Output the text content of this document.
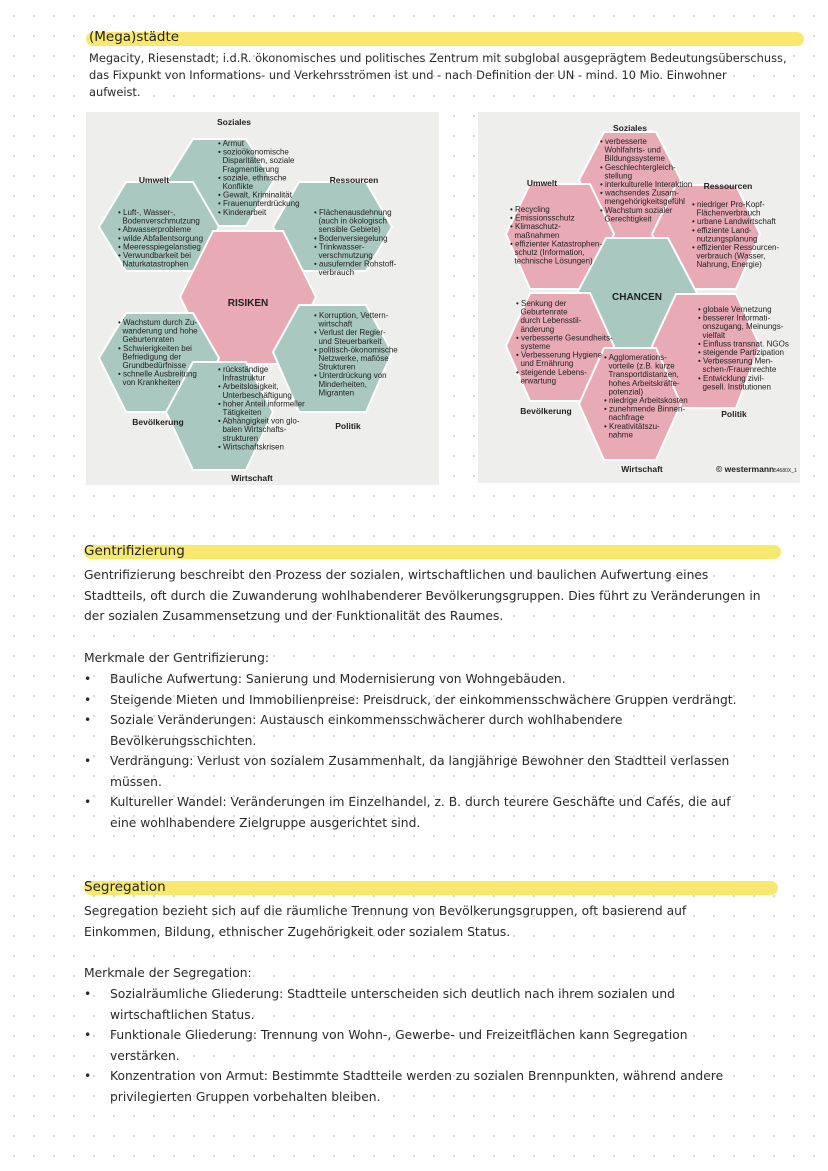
(Mega)städte
Megacity, Riesenstadt; i.d.R. ökonomisches und politisches Zentrum mit subglobal ausgeprägtem Bedeutungsüberschuss,
das Fixpunkt von Informations- und Verkehrsströmen ist und - nach Definition der UN - mind. 10 Mio. Einwohner
aufweist.
Soziales
Umwelt	Ressourcen
Bevölkerung	Politik
Wirtschaft
RISIKEN
• Armut
• sozioökonomische
Disparitäten, soziale
Fragmentierung
• soziale, ethnische
Konflikte
• Gewalt, Kriminalität
• Frauenunterdrückung
• Kinderarbeit
• Luft-, Wasser-,
Bodenverschmutzung
• Abwasserprobleme
• wilde Abfallentsorgung
• Meeresspiegelanstieg
• Verwundbarkeit bei
Naturkatastrophen
• Flächenausdehnung
(auch in ökologisch
sensible Gebiete)
• Bodenversiegelung
• Trinkwasser-
verschmutzung
• ausufernder Rohstoff-
verbrauch
• Wachstum durch Zu-
wanderung und hohe
Geburtenraten
• Schwierigkeiten bei
Befriedigung der
Grundbedürfnisse
• schnelle Ausbreitung
von Krankheiten
• Korruption, Vettern-
wirtschaft
• Verlust der Regier-
und Steuerbarkeit
• politisch-ökonomische
Netzwerke, mafiöse
Strukturen
• Unterdrückung von
Minderheiten,
Migranten
• rückständige
Infrastruktur
• Arbeitslosigkeit,
Unterbeschäftigung
• hoher Anteil informeller
Tätigkeiten
• Abhängigkeit von glo-
balen Wirtschafts-
strukturen
• Wirtschaftskrisen
Soziales
Umwelt	Ressourcen
Bevölkerung	Politik
Wirtschaft
CHANCEN
• verbesserte
Wohlfahrts- und
Bildungssysteme
• Geschlechtergleich-
stellung
• interkulturelle Interaktion
• wachsendes Zusam-
mengehörigkeitsgefühl
• Wachstum sozialer
Gerechtigkeit
• Recycling
• Emissionsschutz
• Klimaschutz-
maßnahmen
• effizienter Katastrophen-
schutz (Information,
technische Lösungen)
• niedriger Pro-Kopf-
Flächenverbrauch
• urbane Landwirtschaft
• effiziente Land-
nutzungsplanung
• effizienter Ressourcen-
verbrauch (Wasser,
Nahrung, Energie)
• Senkung der
Geburtenrate
durch Lebensstil-
änderung
• verbesserte Gesundheits-
systeme
• Verbesserung Hygiene
und Ernährung
• steigende Lebens-
erwartung
• globale Vernetzung
• besserer Informati-
onszugang, Meinungs-
vielfalt
• Einfluss transnat. NGOs
• steigende Partizipation
• Verbesserung Men-
schen-/Frauenrechte
• Entwicklung zivil-
gesell. Institutionen
• Agglomerations-
vorteile (z.B. kurze
Transportdistanzen,
hohes Arbeitskräfte-
potenzial)
• niedrige Arbeitskosten
• zunehmende Binnen-
nachfrage
• Kreativitätszu-
nahme
© westermann 54680X_1
Gentrifizierung
Gentrifizierung beschreibt den Prozess der sozialen, wirtschaftlichen und baulichen Aufwertung eines
Stadtteils, oft durch die Zuwanderung wohlhabenderer Bevölkerungsgruppen. Dies führt zu Veränderungen in
der sozialen Zusammensetzung und der Funktionalität des Raumes.
Merkmale der Gentrifizierung:
• Bauliche Aufwertung: Sanierung und Modernisierung von Wohngebäuden.
• Steigende Mieten und Immobilienpreise: Preisdruck, der einkommensschwächere Gruppen verdrängt.
• Soziale Veränderungen: Austausch einkommensschwächerer durch wohlhabendere
Bevölkerungsschichten.
• Verdrängung: Verlust von sozialem Zusammenhalt, da langjährige Bewohner den Stadtteil verlassen
müssen.
• Kultureller Wandel: Veränderungen im Einzelhandel, z. B. durch teurere Geschäfte und Cafés, die auf
eine wohlhabendere Zielgruppe ausgerichtet sind.
Segregation
Segregation bezieht sich auf die räumliche Trennung von Bevölkerungsgruppen, oft basierend auf
Einkommen, Bildung, ethnischer Zugehörigkeit oder sozialem Status.
Merkmale der Segregation:
• Sozialräumliche Gliederung: Stadtteile unterscheiden sich deutlich nach ihrem sozialen und
wirtschaftlichen Status.
• Funktionale Gliederung: Trennung von Wohn-, Gewerbe- und Freizeitflächen kann Segregation
verstärken.
• Konzentration von Armut: Bestimmte Stadtteile werden zu sozialen Brennpunkten, während andere
privilegierten Gruppen vorbehalten bleiben.
